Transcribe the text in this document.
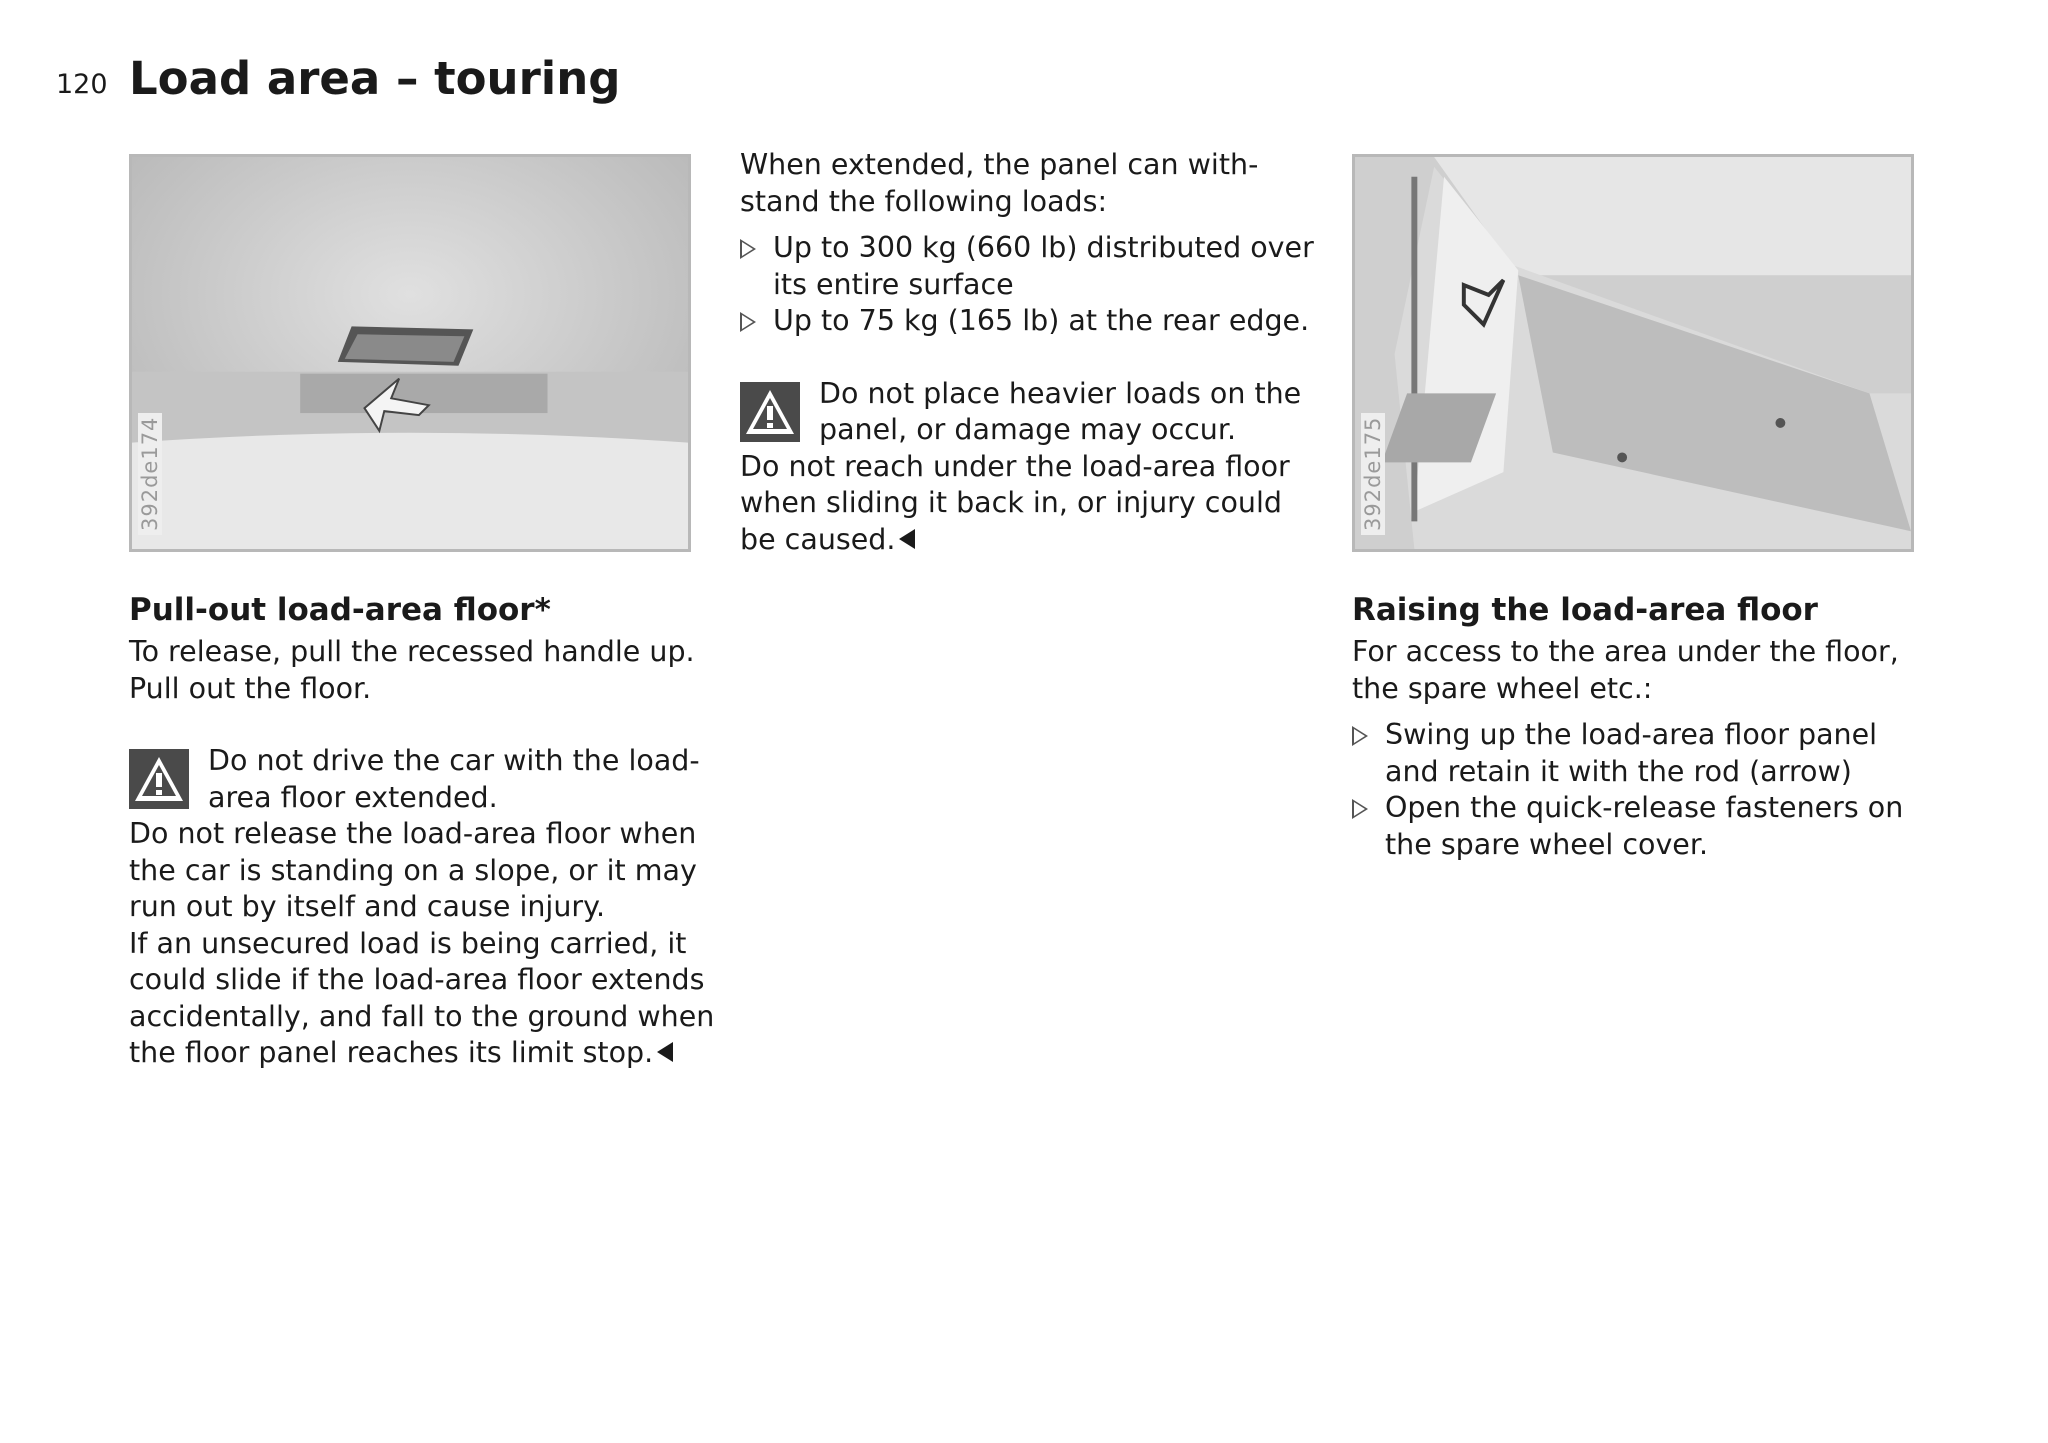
120 Load area – touring
392de174	392de175
Pull-out load-area floor*

To release, pull the recessed handle up.

Pull out the floor.

Do not drive the car with the load-

area floor extended.

Do not release the load-area floor when

the car is standing on a slope, or it may

run out by itself and cause injury.

If an unsecured load is being carried, it

could slide if the load-area floor extends

accidentally, and fall to the ground when

the floor panel reaches its limit stop.

When extended, the panel can with-

stand the following loads:

Up to 300 kg (660 lb) distributed over

its entire surface

Up to 75 kg (165 lb) at the rear edge.

Do not place heavier loads on the

panel, or damage may occur.

Do not reach under the load-area floor

when sliding it back in, or injury could

be caused.

Raising the load-area floor

For access to the area under the floor,

the spare wheel etc.:

Swing up the load-area floor panel

and retain it with the rod (arrow)

Open the quick-release fasteners on

the spare wheel cover.
